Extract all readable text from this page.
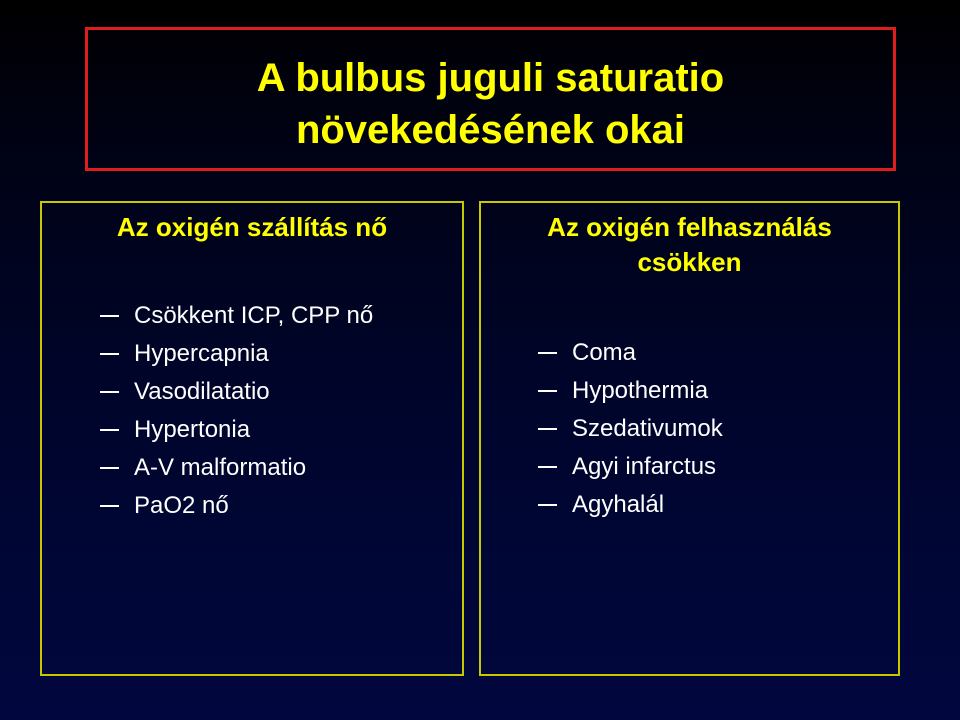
A bulbus juguli saturatio
növekedésének okai
Az oxigén szállítás nő
Csökkent ICP, CPP nő
Hypercapnia
Vasodilatatio
Hypertonia
A-V malformatio
PaO2 nő
Az oxigén felhasználás
csökken
Coma
Hypothermia
Szedativumok
Agyi infarctus
Agyhalál
